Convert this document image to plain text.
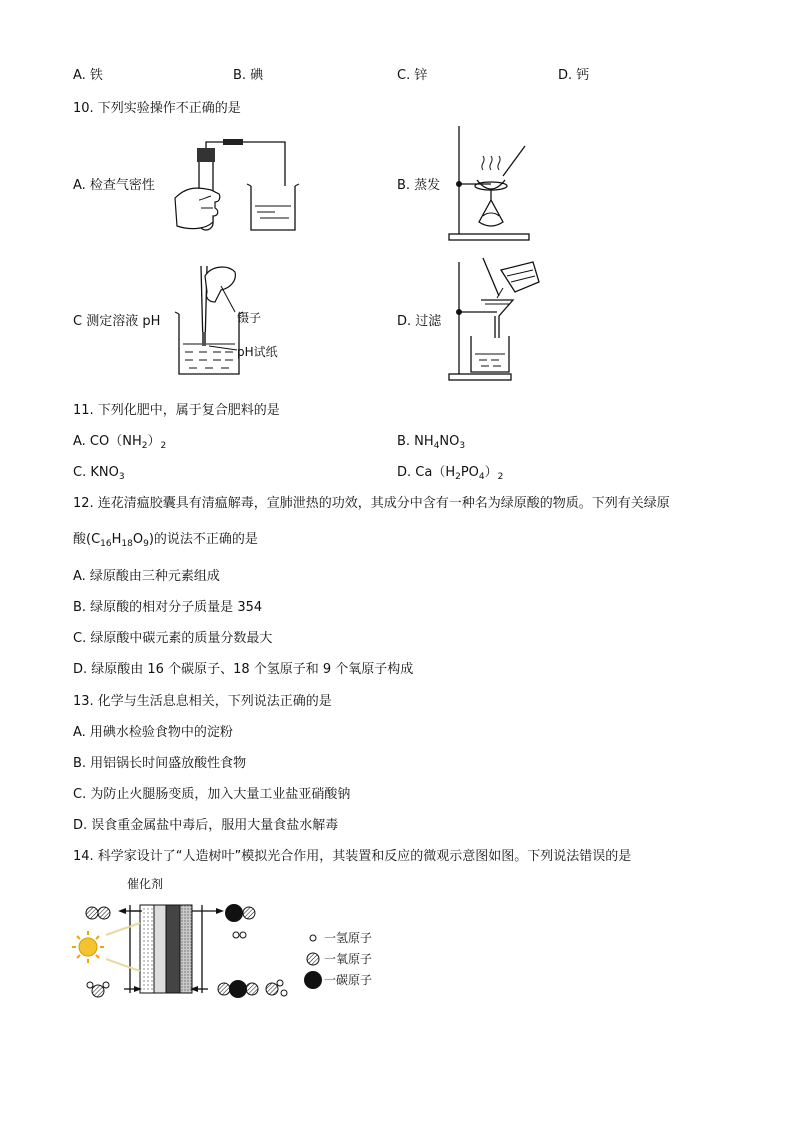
A. 铁	B. 碘	C. 锌	D. 钙
10. 下列实验操作不正确的是
A. 检查气密性	B. 蒸发
C 测定溶液 pH	D. 过滤
镊子
pH试纸
11. 下列化肥中，属于复合肥料的是
A. $CO(NH_2)_2$	B. $NH_4NO_3$
C. $KNO_3$	D. $Ca(H_2PO_4)_2$
12. 连花清瘟胶囊具有清瘟解毒，宣肺泄热的功效，其成分中含有一种名为绿原酸的物质。下列有关绿原
酸$(C_{16}H_{18}O_9)$的说法不正确的是
A. 绿原酸由三种元素组成
B. 绿原酸的相对分子质量是 354
C. 绿原酸中碳元素的质量分数最大
D. 绿原酸由 16 个碳原子、18 个氢原子和 9 个氧原子构成
13. 化学与生活息息相关，下列说法正确的是
A. 用碘水检验食物中的淀粉
B. 用铝锅长时间盛放酸性食物
C. 为防止火腿肠变质，加入大量工业盐亚硝酸钠
D. 误食重金属盐中毒后，服用大量食盐水解毒
14. 科学家设计了“人造树叶”模拟光合作用，其装置和反应的微观示意图如图。下列说法错误的是
催化剂
一氢原子
一氧原子
一碳原子
